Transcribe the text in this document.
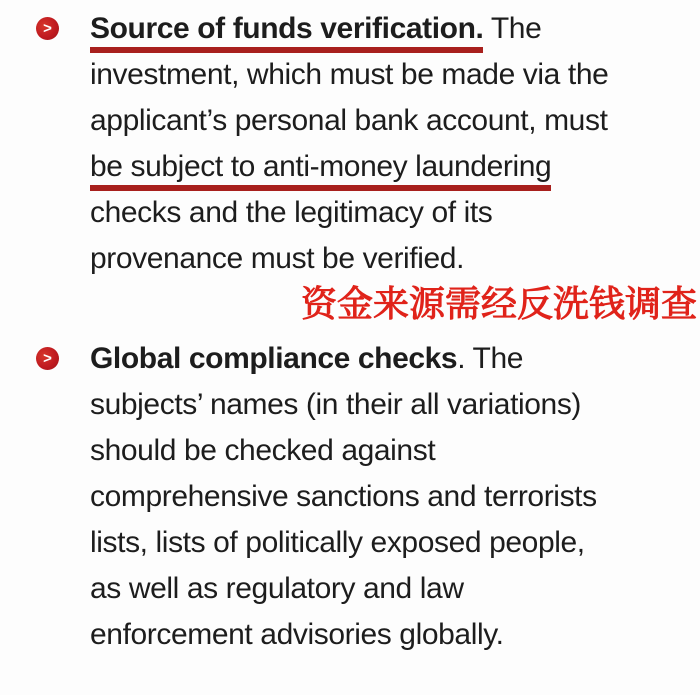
> Source of funds verification. The
investment, which must be made via the
applicant’s personal bank account, must
be subject to anti-money laundering
checks and the legitimacy of its
provenance must be verified.
资金来源需经反洗钱调查
> Global compliance checks. The
subjects’ names (in their all variations)
should be checked against
comprehensive sanctions and terrorists
lists, lists of politically exposed people,
as well as regulatory and law
enforcement advisories globally.
